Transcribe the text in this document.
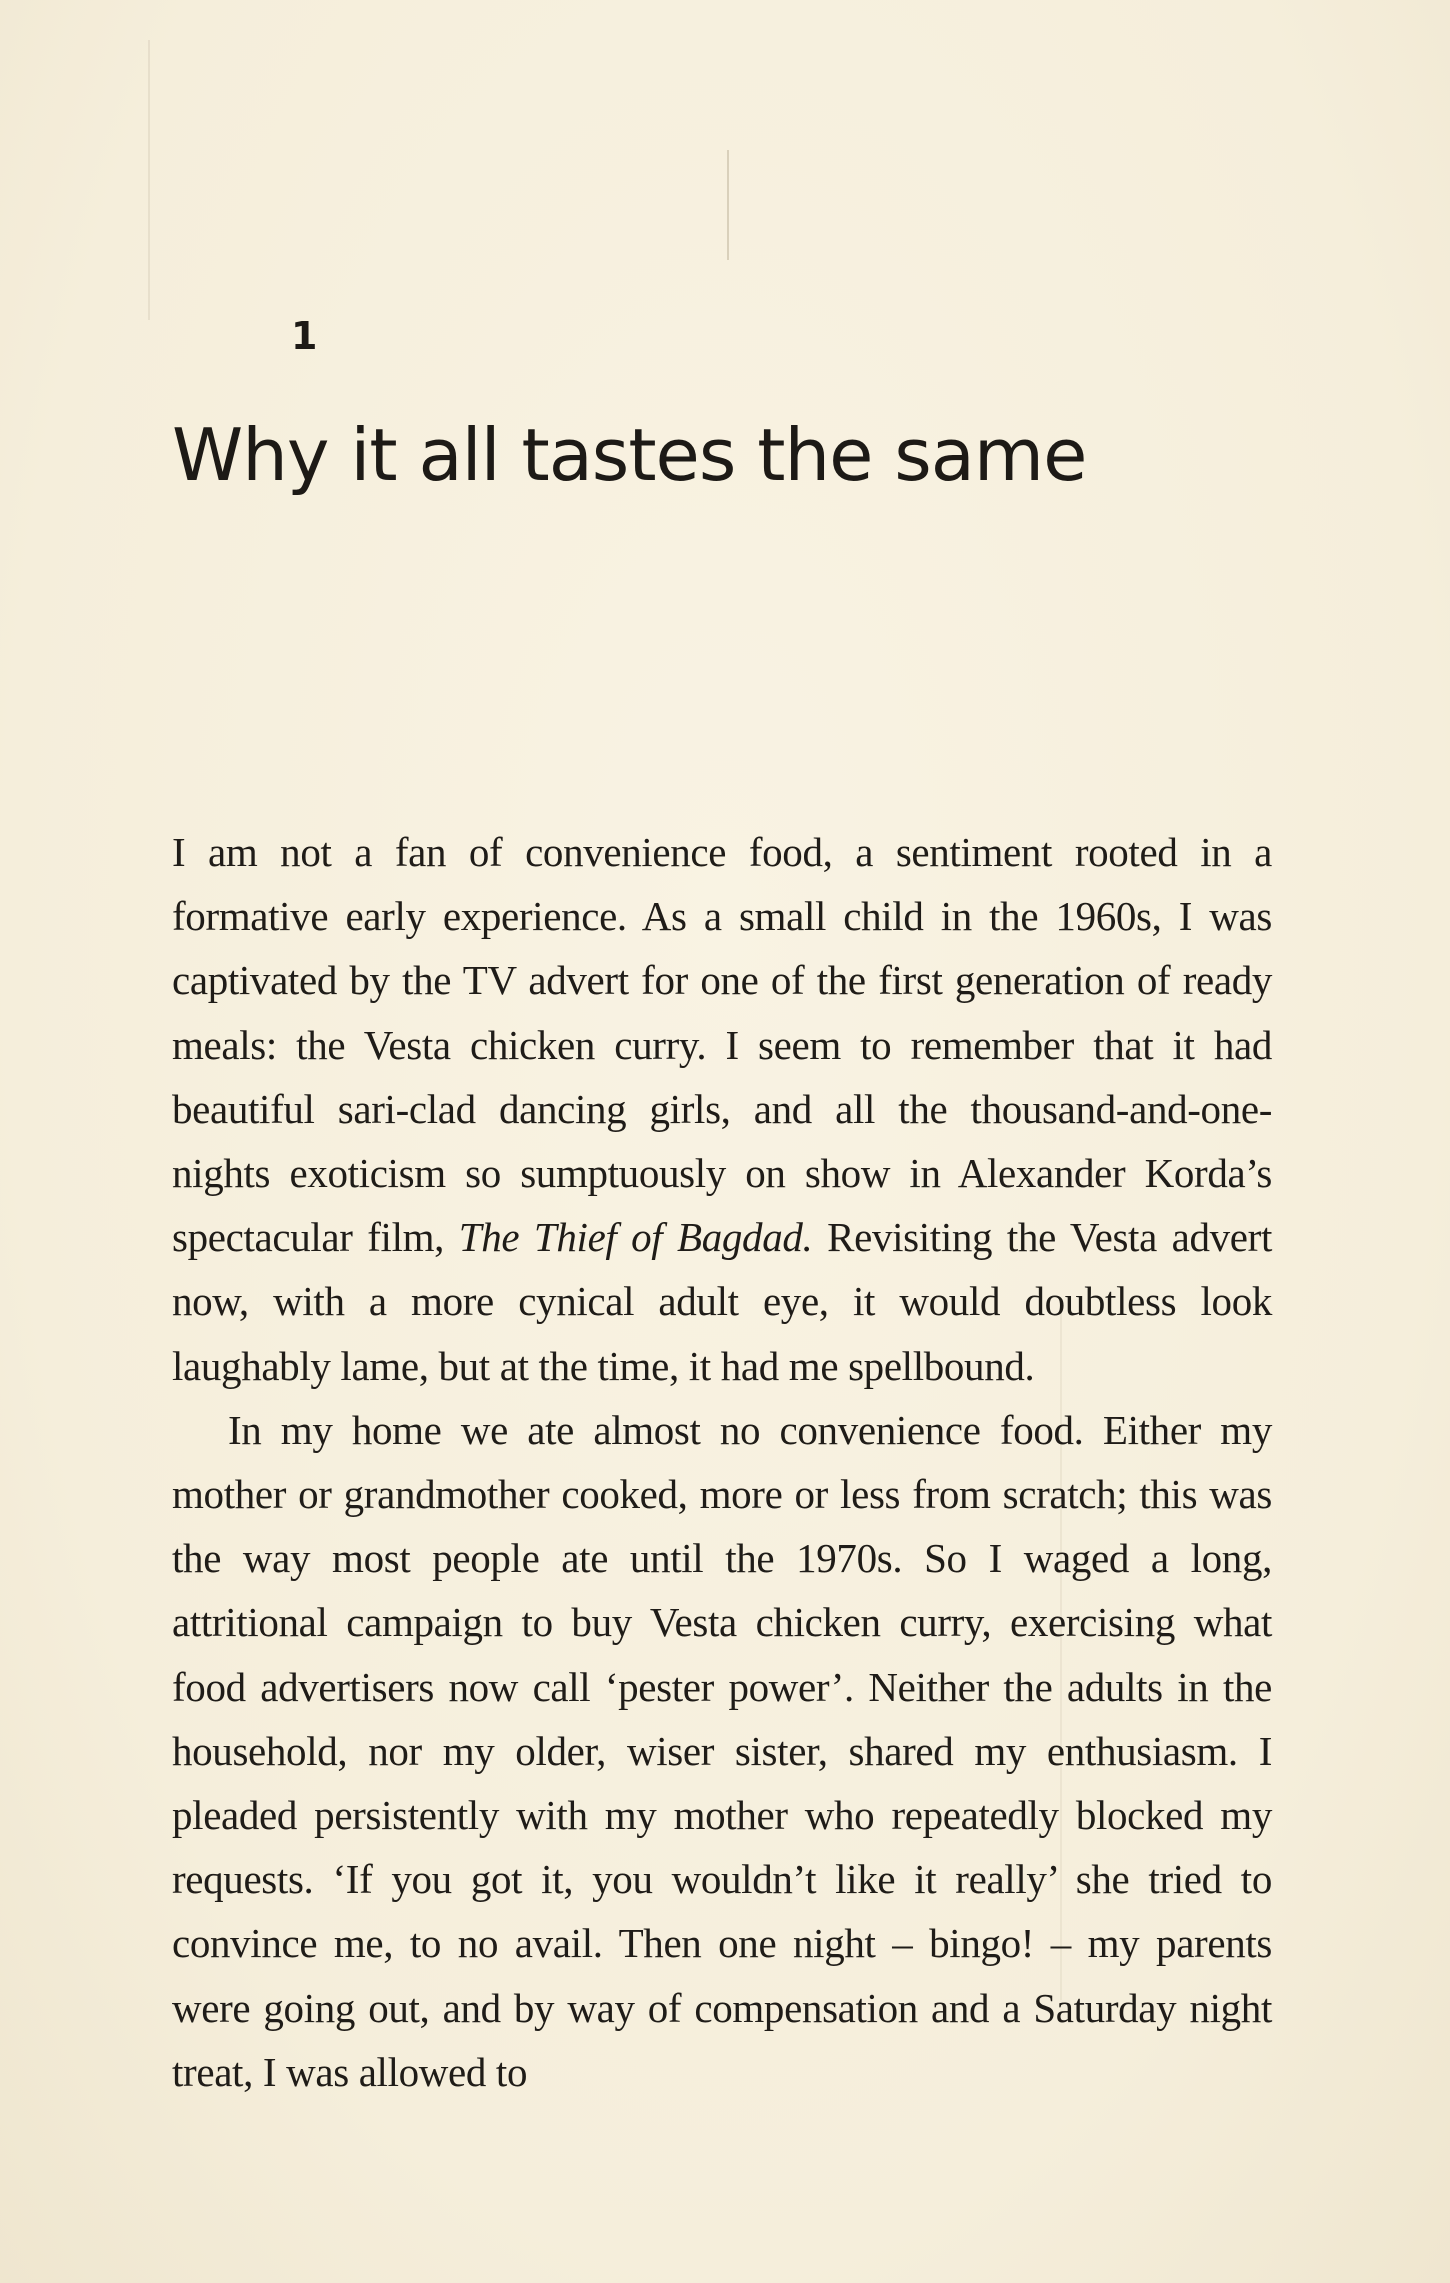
1
Why it all tastes the same

I am not a fan of convenience food, a sentiment rooted in a formative early experience. As a small child in the 1960s, I was captivated by the TV advert for one of the first generation of ready meals: the Vesta chicken curry. I seem to remember that it had beautiful sari-clad dancing girls, and all the thousand-and-one-nights exoticism so sumptuously on show in Alexander Korda’s spectacular film, The Thief of Bagdad. Revisiting the Vesta advert now, with a more cynical adult eye, it would doubtless look laughably lame, but at the time, it had me spellbound.

In my home we ate almost no convenience food. Either my mother or grandmother cooked, more or less from scratch; this was the way most people ate until the 1970s. So I waged a long, attritional campaign to buy Vesta chicken curry, exercising what food advertisers now call ‘pester power’. Neither the adults in the household, nor my older, wiser sister, shared my enthusiasm. I pleaded persistently with my mother who repeatedly blocked my requests. ‘If you got it, you wouldn’t like it really’ she tried to convince me, to no avail. Then one night – bingo! – my parents were going out, and by way of compensation and a Saturday night treat, I was allowed to
